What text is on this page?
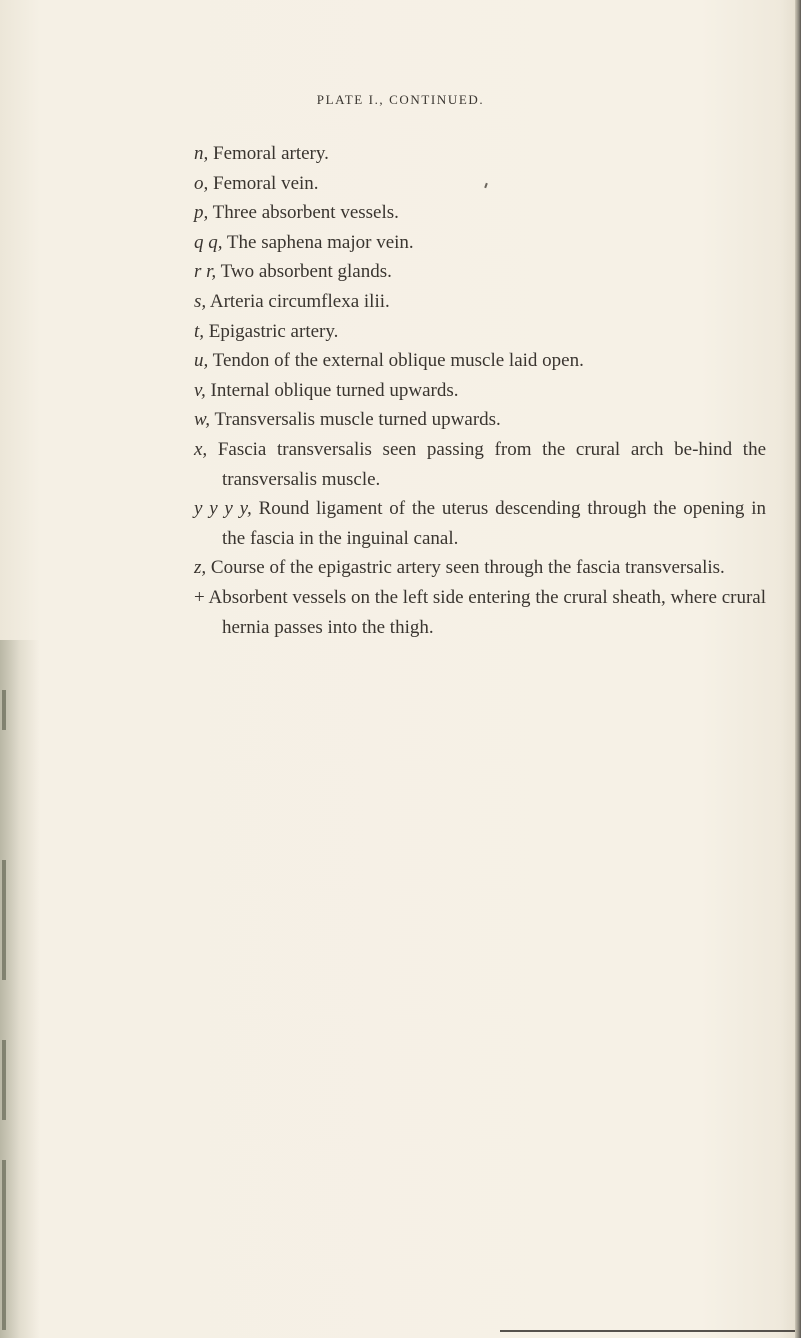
PLATE I., CONTINUED.
n, Femoral artery.
o, Femoral vein.
p, Three absorbent vessels.
q q, The saphena major vein.
r r, Two absorbent glands.
s, Arteria circumflexa ilii.
t, Epigastric artery.
u, Tendon of the external oblique muscle laid open.
v, Internal oblique turned upwards.
w, Transversalis muscle turned upwards.
x, Fascia transversalis seen passing from the crural arch be-hind the transversalis muscle.
y y y y, Round ligament of the uterus descending through the opening in the fascia in the inguinal canal.
z, Course of the epigastric artery seen through the fascia transversalis.
+ Absorbent vessels on the left side entering the crural sheath, where crural hernia passes into the thigh.
